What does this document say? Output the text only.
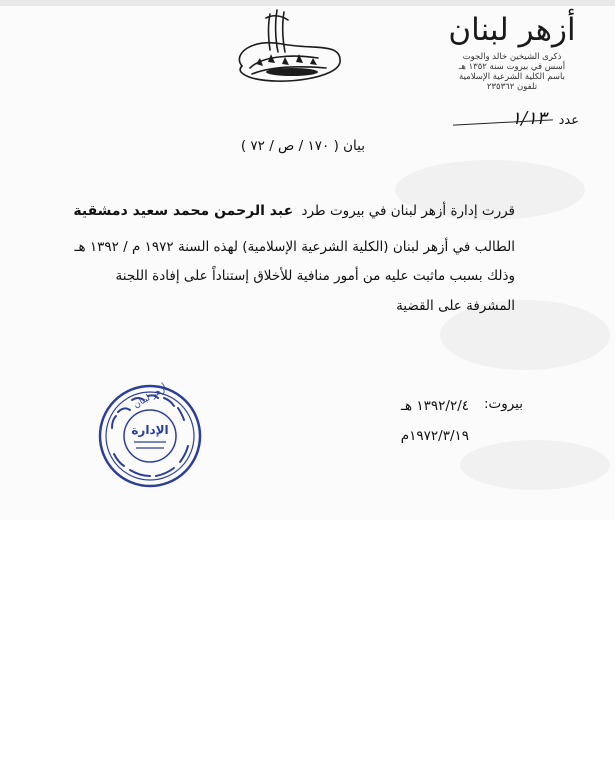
أزهر لبنان
ذكرى الشيخين خالد والجوت
أسس في بيروت سنة ١٣٥٢ هـ
باسم الكلية الشرعية الإسلامية
تلفون ٢٣٥٣٦٢
عدد ١/١٣
بيان ( ١٧٠ / ص / ٧٢ )
قررت إدارة أزهر لبنان في بيروت طرد عبد الرحمن محمد سعيد دمشقية
الطالب في أزهر لبنان (الكلية الشرعية الإسلامية) لهذه السنة ١٩٧٢ م / ١٣٩٢ هـ
وذلك بسبب ماثبت عليه من أمور منافية للأخلاق إستناداً على إفادة اللجنة
المشرفة على القضية
بيروت:
١٣٩٢/٢/٤ هـ
١٩٧٢/٣/١٩م
الإدارة
أزهر لبنان
